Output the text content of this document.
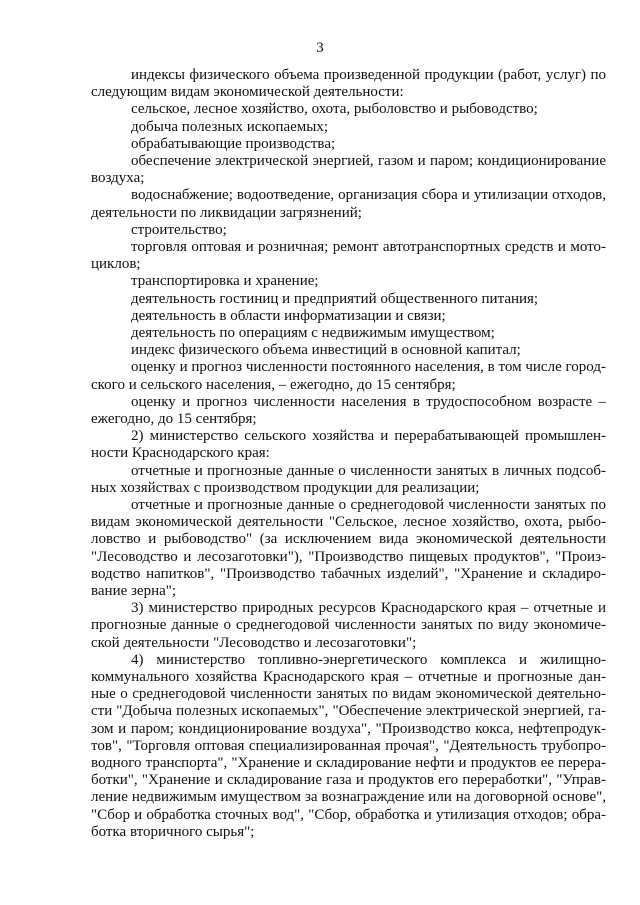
3
индексы физического объема произведенной продукции (работ, услуг) по
следующим видам экономической деятельности:
сельское, лесное хозяйство, охота, рыболовство и рыбоводство;
добыча полезных ископаемых;
обрабатывающие производства;
обеспечение электрической энергией, газом и паром; кондиционирование
воздуха;
водоснабжение; водоотведение, организация сбора и утилизации отходов,
деятельности по ликвидации загрязнений;
строительство;
торговля оптовая и розничная; ремонт автотранспортных средств и мото-
циклов;
транспортировка и хранение;
деятельность гостиниц и предприятий общественного питания;
деятельность в области информатизации и связи;
деятельность по операциям с недвижимым имуществом;
индекс физического объема инвестиций в основной капитал;
оценку и прогноз численности постоянного населения, в том числе город-
ского и сельского населения, – ежегодно, до 15 сентября;
оценку и прогноз численности населения в трудоспособном возрасте –
ежегодно, до 15 сентября;
2) министерство сельского хозяйства и перерабатывающей промышлен-
ности Краснодарского края:
отчетные и прогнозные данные о численности занятых в личных подсоб-
ных хозяйствах с производством продукции для реализации;
отчетные и прогнозные данные о среднегодовой численности занятых по
видам экономической деятельности "Сельское, лесное хозяйство, охота, рыбо-
ловство и рыбоводство" (за исключением вида экономической деятельности
"Лесоводство и лесозаготовки"), "Производство пищевых продуктов", "Произ-
водство напитков", "Производство табачных изделий", "Хранение и складиро-
вание зерна";
3) министерство природных ресурсов Краснодарского края – отчетные и
прогнозные данные о среднегодовой численности занятых по виду экономиче-
ской деятельности "Лесоводство и лесозаготовки";
4) министерство топливно-энергетического комплекса и жилищно-
коммунального хозяйства Краснодарского края – отчетные и прогнозные дан-
ные о среднегодовой численности занятых по видам экономической деятельно-
сти "Добыча полезных ископаемых", "Обеспечение электрической энергией, га-
зом и паром; кондиционирование воздуха", "Производство кокса, нефтепродук-
тов", "Торговля оптовая специализированная прочая", "Деятельность трубопро-
водного транспорта", "Хранение и складирование нефти и продуктов ее перера-
ботки", "Хранение и складирование газа и продуктов его переработки", "Управ-
ление недвижимым имуществом за вознаграждение или на договорной основе",
"Сбор и обработка сточных вод", "Сбор, обработка и утилизация отходов; обра-
ботка вторичного сырья";
